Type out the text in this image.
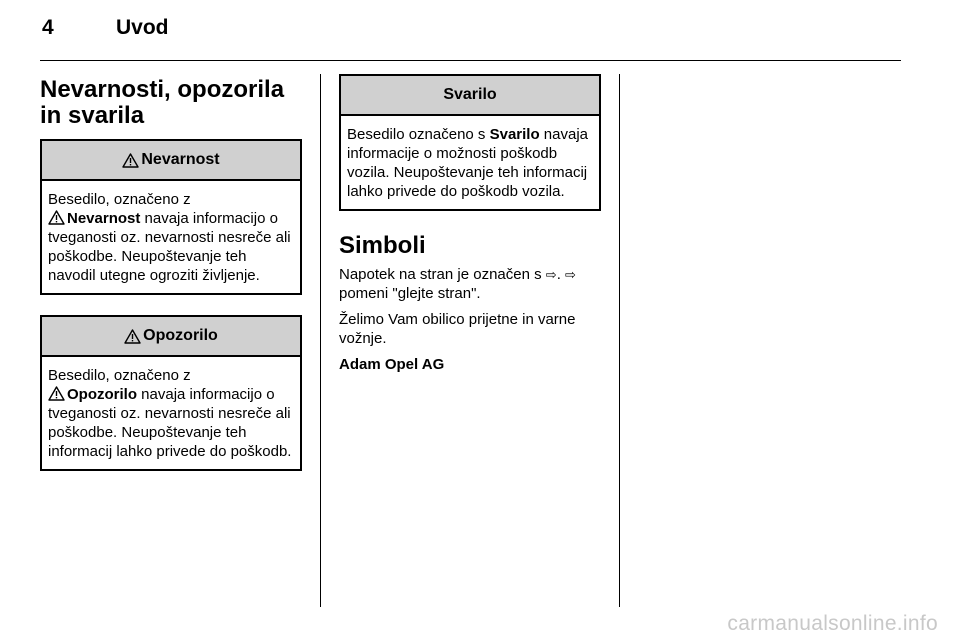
4	Uvod
Nevarnosti, opozorila in svarila
Nevarnost
Besedilo, označeno z
Nevarnost navaja informacijo o tveganosti oz. nevarnosti nesreče ali poškodbe. Neupoštevanje teh navodil utegne ogroziti življenje.
Opozorilo
Besedilo, označeno z
Opozorilo navaja informacijo o tveganosti oz. nevarnosti nesreče ali poškodbe. Neupoštevanje teh informacij lahko privede do poškodb.
Svarilo
Besedilo označeno s Svarilo navaja informacije o možnosti poškodb vozila. Neupoštevanje teh informacij lahko privede do poškodb vozila.
Simboli

Napotek na stran je označen s ⇨. ⇨ pomeni "glejte stran".

Želimo Vam obilico prijetne in varne vožnje.

Adam Opel AG

carmanualsonline.info
